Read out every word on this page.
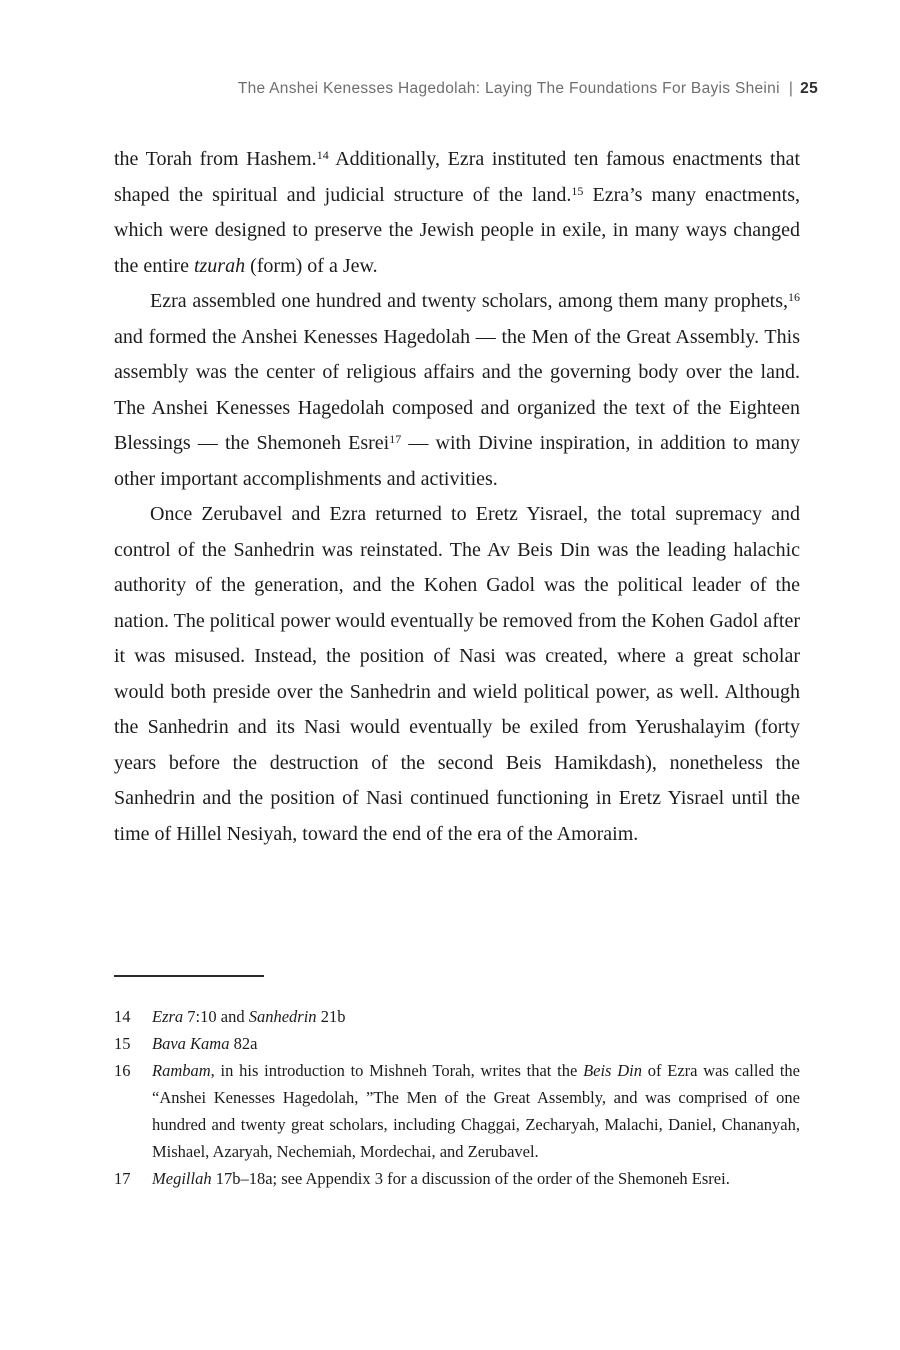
The Anshei Kenesses Hagedolah: Laying The Foundations For Bayis Sheini | 25

the Torah from Hashem.$^{14}$ Additionally, Ezra instituted ten famous enactments that shaped the spiritual and judicial structure of the land.$^{15}$ Ezra’s many enactments, which were designed to preserve the Jewish people in exile, in many ways changed the entire tzurah (form) of a Jew.

Ezra assembled one hundred and twenty scholars, among them many prophets,$^{16}$ and formed the Anshei Kenesses Hagedolah — the Men of the Great Assembly. This assembly was the center of religious affairs and the governing body over the land. The Anshei Kenesses Hagedolah composed and organized the text of the Eighteen Blessings — the Shemoneh Esrei$^{17}$ — with Divine inspiration, in addition to many other important accomplishments and activities.

Once Zerubavel and Ezra returned to Eretz Yisrael, the total supremacy and control of the Sanhedrin was reinstated. The Av Beis Din was the leading halachic authority of the generation, and the Kohen Gadol was the political leader of the nation. The political power would eventually be removed from the Kohen Gadol after it was misused. Instead, the position of Nasi was created, where a great scholar would both preside over the Sanhedrin and wield political power, as well. Although the Sanhedrin and its Nasi would eventually be exiled from Yerushalayim (forty years before the destruction of the second Beis Hamikdash), nonetheless the Sanhedrin and the position of Nasi continued functioning in Eretz Yisrael until the time of Hillel Nesiyah, toward the end of the era of the Amoraim.

14 Ezra 7:10 and Sanhedrin 21b
15 Bava Kama 82a
16 Rambam, in his introduction to Mishneh Torah, writes that the Beis Din of Ezra was called the “Anshei Kenesses Hagedolah, ”The Men of the Great Assembly, and was comprised of one hundred and twenty great scholars, including Chaggai, Zecharyah, Malachi, Daniel, Chananyah, Mishael, Azaryah, Nechemiah, Mordechai, and Zerubavel.
17 Megillah 17b–18a; see Appendix 3 for a discussion of the order of the Shemoneh Esrei.
